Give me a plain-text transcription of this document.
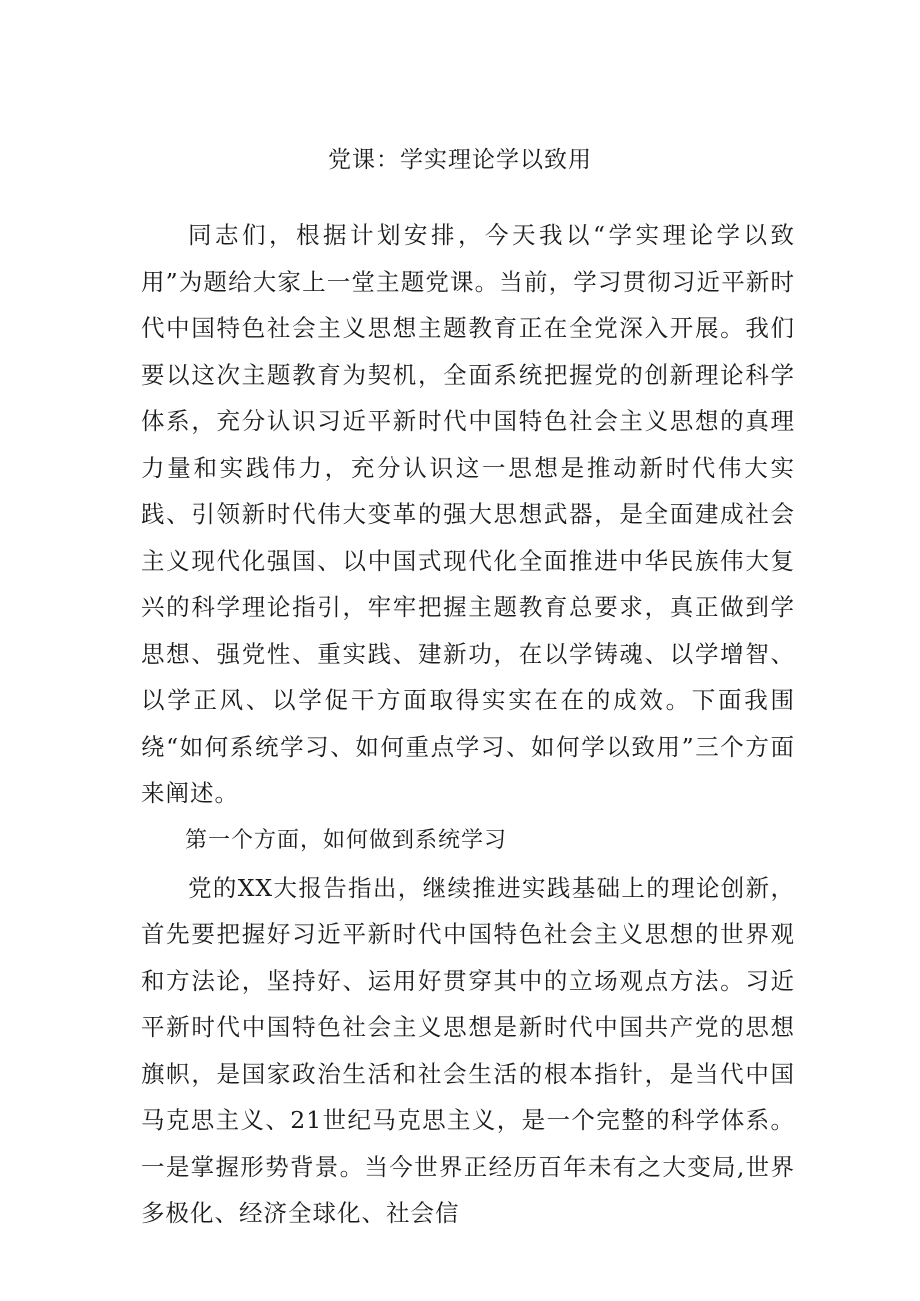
党课：学实理论学以致用

同志们，根据计划安排，今天我以“学实理论学以致用”为题给大家上一堂主题党课。当前，学习贯彻习近平新时代中国特色社会主义思想主题教育正在全党深入开展。我们要以这次主题教育为契机，全面系统把握党的创新理论科学体系，充分认识习近平新时代中国特色社会主义思想的真理力量和实践伟力，充分认识这一思想是推动新时代伟大实践、引领新时代伟大变革的强大思想武器，是全面建成社会主义现代化强国、以中国式现代化全面推进中华民族伟大复兴的科学理论指引，牢牢把握主题教育总要求，真正做到学思想、强党性、重实践、建新功，在以学铸魂、以学增智、以学正风、以学促干方面取得实实在在的成效。下面我围绕“如何系统学习、如何重点学习、如何学以致用”三个方面来阐述。

第一个方面，如何做到系统学习

党的XX大报告指出，继续推进实践基础上的理论创新，首先要把握好习近平新时代中国特色社会主义思想的世界观和方法论，坚持好、运用好贯穿其中的立场观点方法。习近平新时代中国特色社会主义思想是新时代中国共产党的思想旗帜，是国家政治生活和社会生活的根本指针，是当代中国马克思主义、21世纪马克思主义，是一个完整的科学体系。一是掌握形势背景。当今世界正经历百年未有之大变局,世界多极化、经济全球化、社会信
